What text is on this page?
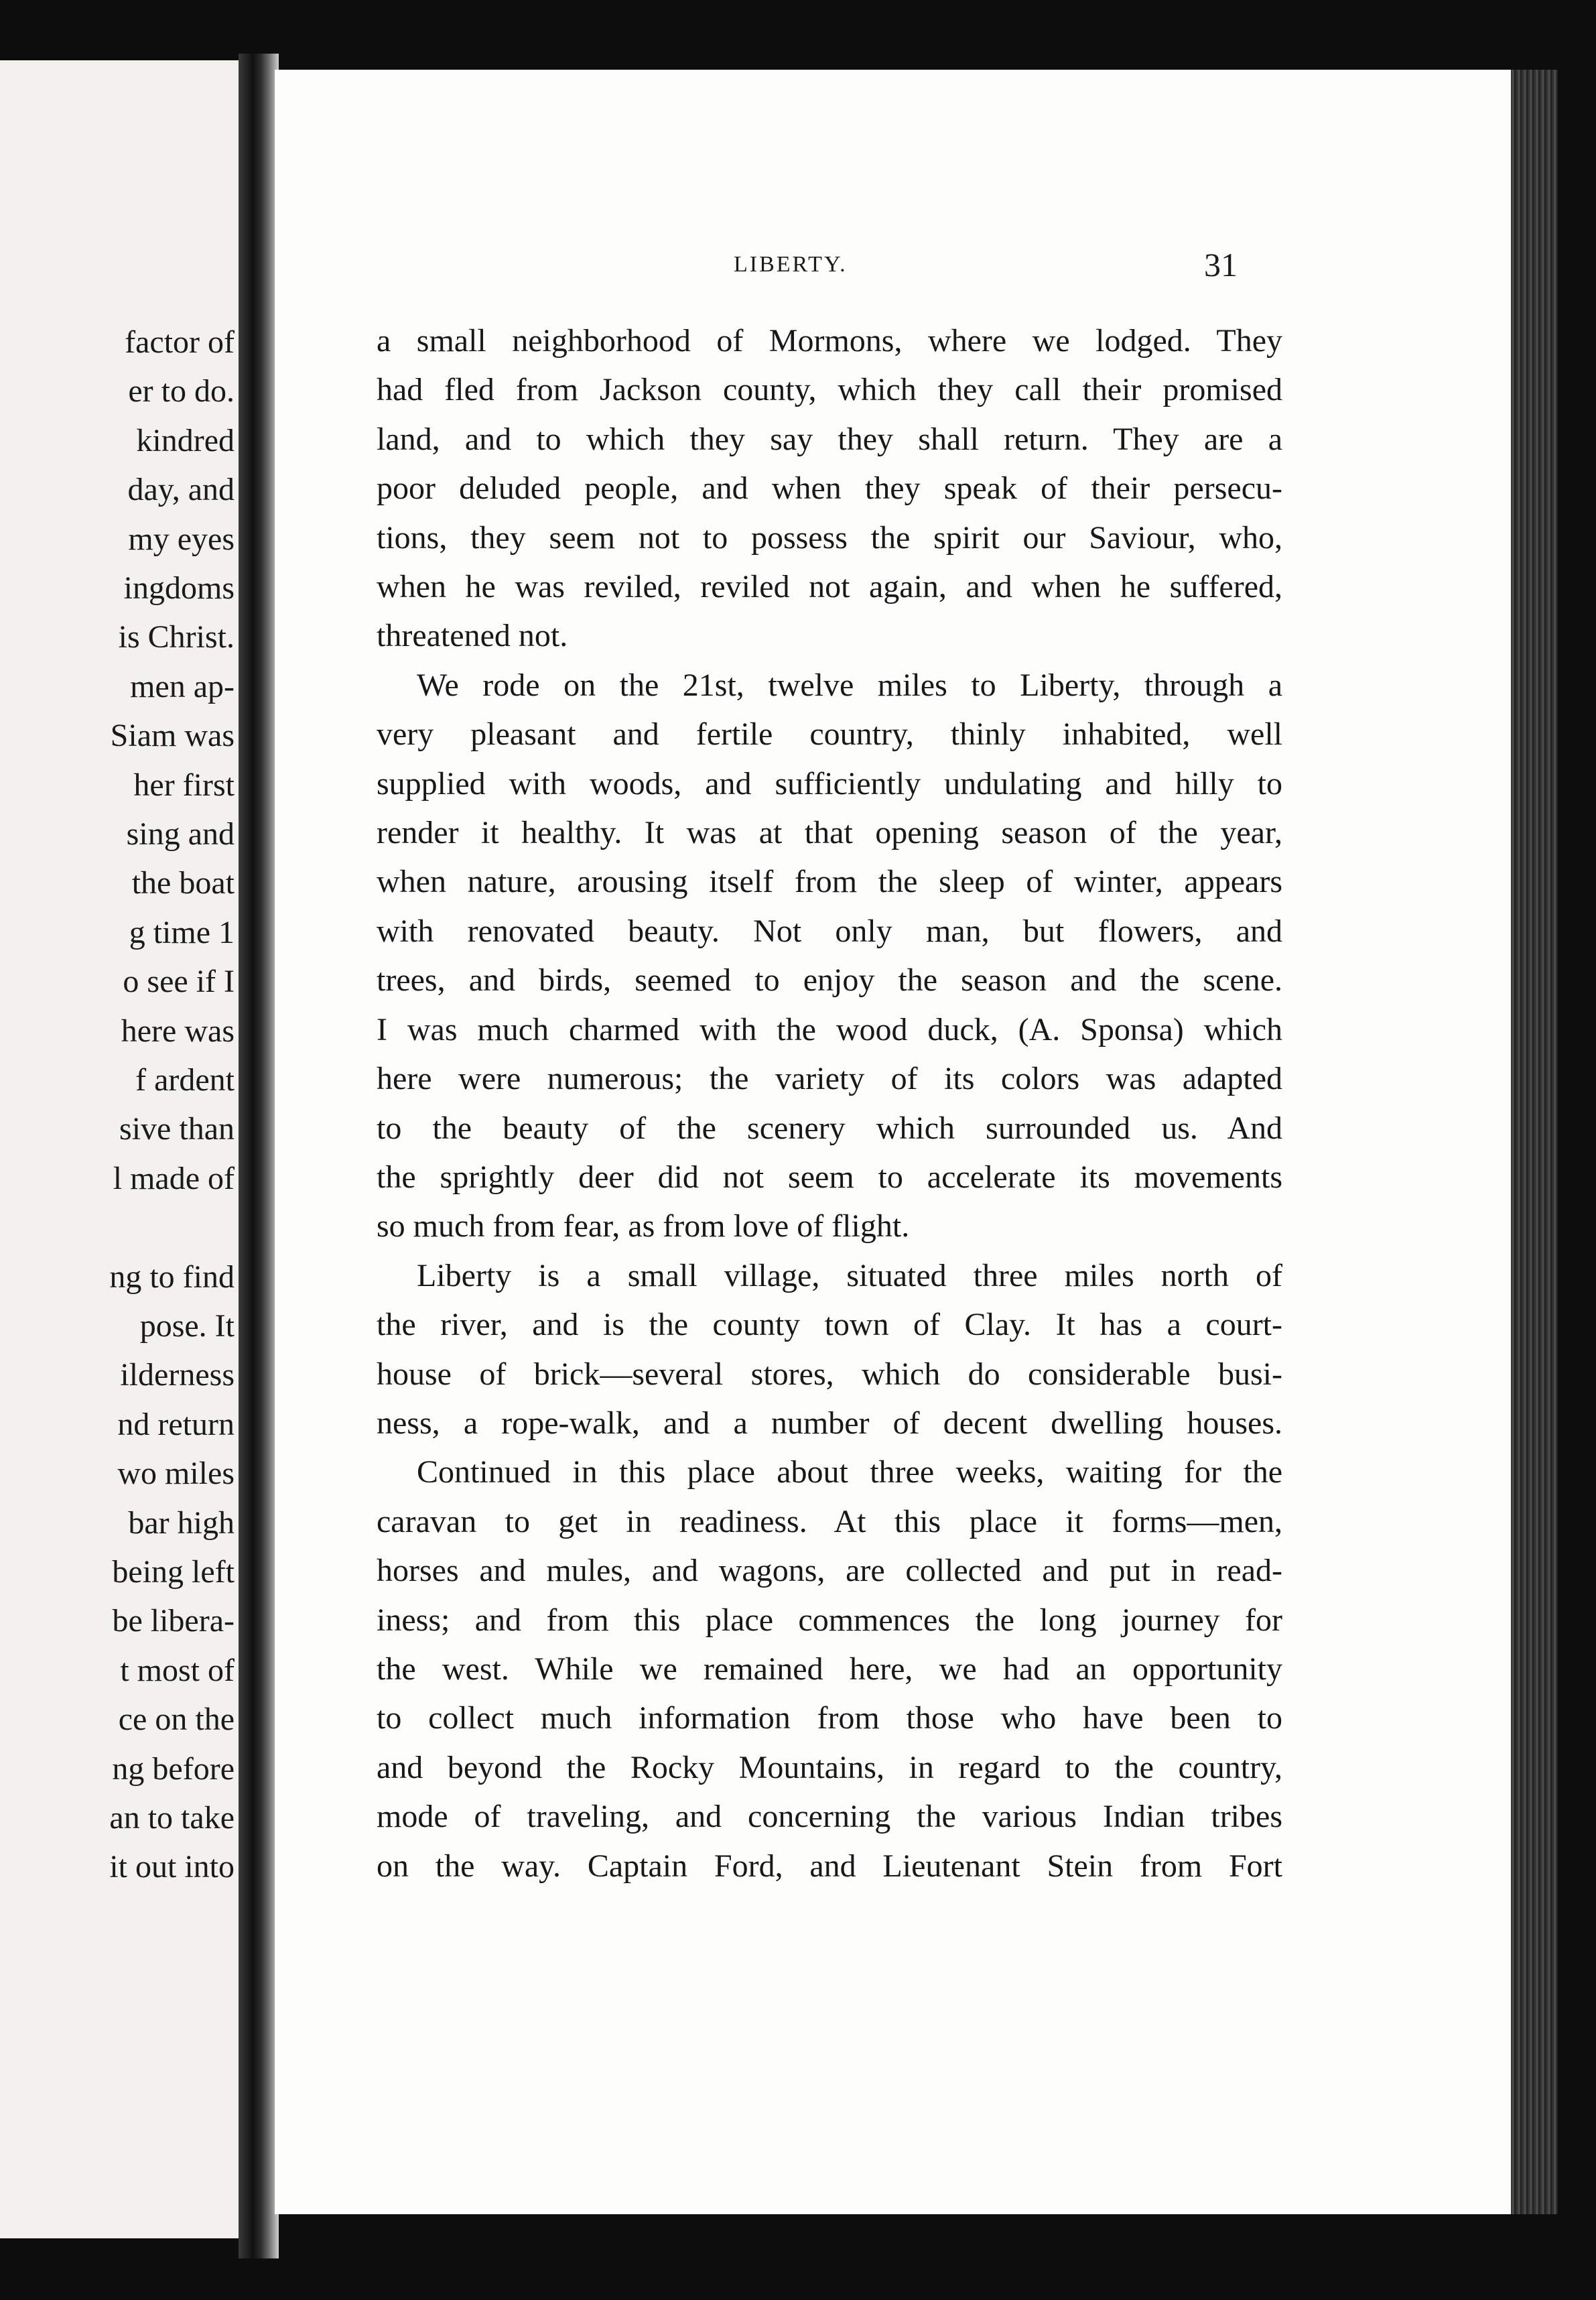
factor of
er to do.
kindred
day, and
my eyes
ingdoms
is Christ.
men ap-
Siam was
her first
sing and
the boat
g time 1
o see if I
here was
f ardent
sive than
l made of
ng to find
pose. It
ilderness
nd return
wo miles
bar high
being left
be libera-
t most of
ce on the
ng before
an to take
it out into
LIBERTY.	31

a small neighborhood of Mormons, where we lodged. They
had fled from Jackson county, which they call their promised
land, and to which they say they shall return. They are a
poor deluded people, and when they speak of their persecu-
tions, they seem not to possess the spirit our Saviour, who,
when he was reviled, reviled not again, and when he suffered,
threatened not.

We rode on the 21st, twelve miles to Liberty, through a
very pleasant and fertile country, thinly inhabited, well
supplied with woods, and sufficiently undulating and hilly to
render it healthy. It was at that opening season of the year,
when nature, arousing itself from the sleep of winter, appears
with renovated beauty. Not only man, but flowers, and
trees, and birds, seemed to enjoy the season and the scene.
I was much charmed with the wood duck, (A. Sponsa) which
here were numerous; the variety of its colors was adapted
to the beauty of the scenery which surrounded us. And
the sprightly deer did not seem to accelerate its movements
so much from fear, as from love of flight.

Liberty is a small village, situated three miles north of
the river, and is the county town of Clay. It has a court-
house of brick—several stores, which do considerable busi-
ness, a rope-walk, and a number of decent dwelling houses.

Continued in this place about three weeks, waiting for the
caravan to get in readiness. At this place it forms—men,
horses and mules, and wagons, are collected and put in read-
iness; and from this place commences the long journey for
the west. While we remained here, we had an opportunity
to collect much information from those who have been to
and beyond the Rocky Mountains, in regard to the country,
mode of traveling, and concerning the various Indian tribes
on the way. Captain Ford, and Lieutenant Stein from Fort
